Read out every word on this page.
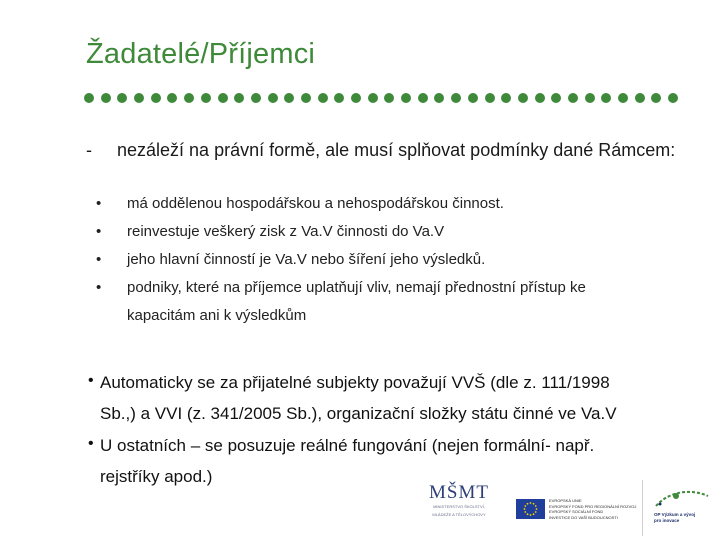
Žadatelé/Příjemci
- nezáleží na právní formě, ale musí splňovat podmínky dané Rámcem:
• má oddělenou hospodářskou a nehospodářskou činnost.
• reinvestuje veškerý zisk z Va.V činnosti do Va.V
• jeho hlavní činností je Va.V nebo šíření jeho výsledků.
• podniky, které na příjemce uplatňují vliv, nemají přednostní přístup ke
kapacitám ani k výsledkům
• Automaticky se za přijatelné subjekty považují VVŠ (dle z. 111/1998
Sb.,) a VVI (z. 341/2005 Sb.), organizační složky státu činné ve Va.V
• U ostatních – se posuzuje reálné fungování (nejen formální- např.
rejstříky apod.)
MŠMT
MINISTERSTVO ŠKOLSTVÍ,
MLÁDEŽE A TĚLOVÝCHOVY
EVROPSKÁ UNIE
EVROPSKÝ FOND PRO REGIONÁLNÍ ROZVOJ
EVROPSKÝ SOCIÁLNÍ FOND
INVESTICE DO VAŠÍ BUDOUCNOSTI	OP Výzkum a vývoj
pro inovace
